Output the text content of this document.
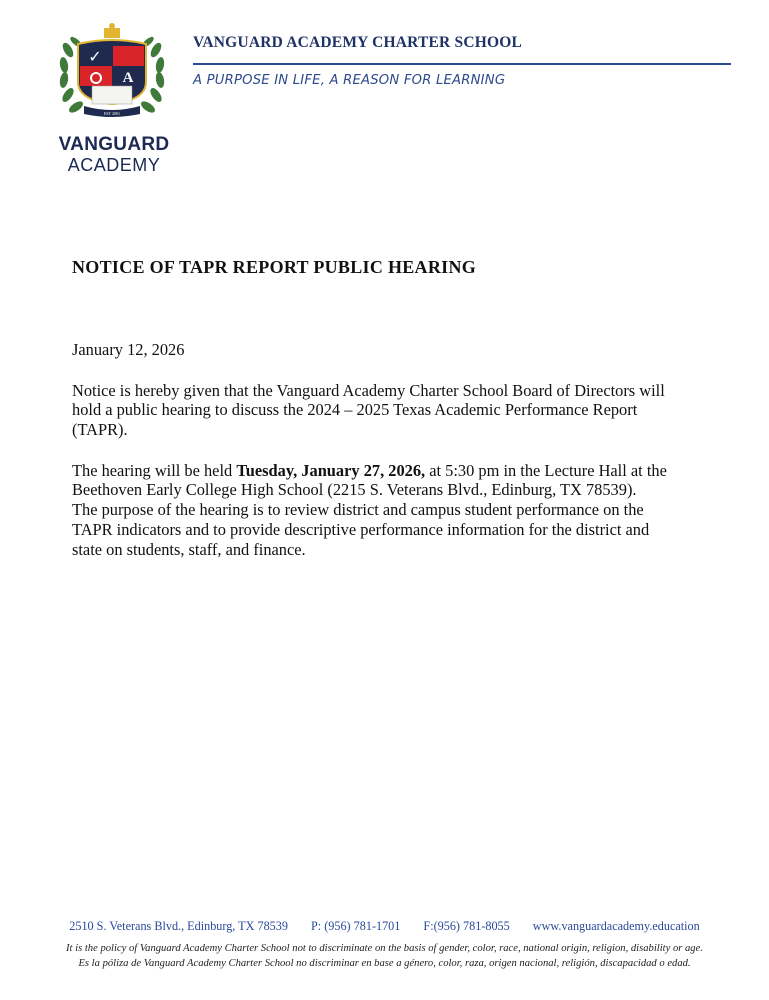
✓
A
EST 2001
VANGUARD
ACADEMY
VANGUARD ACADEMY CHARTER SCHOOL
A PURPOSE IN LIFE, A REASON FOR LEARNING
NOTICE OF TAPR REPORT PUBLIC HEARING
January 12, 2026
Notice is hereby given that the Vanguard Academy Charter School Board of Directors will
hold a public hearing to discuss the 2024 – 2025 Texas Academic Performance Report
(TAPR).
The hearing will be held Tuesday, January 27, 2026, at 5:30 pm in the Lecture Hall at the
Beethoven Early College High School (2215 S. Veterans Blvd., Edinburg, TX 78539).
The purpose of the hearing is to review district and campus student performance on the
TAPR indicators and to provide descriptive performance information for the district and
state on students, staff, and finance.
2510 S. Veterans Blvd., Edinburg, TX 78539 P: (956) 781-1701 F:(956) 781-8055 www.vanguardacademy.education
It is the policy of Vanguard Academy Charter School not to discriminate on the basis of gender, color, race, national origin, religion, disability or age.
Es la póliza de Vanguard Academy Charter School no discriminar en base a género, color, raza, origen nacional, religión, discapacidad o edad.
